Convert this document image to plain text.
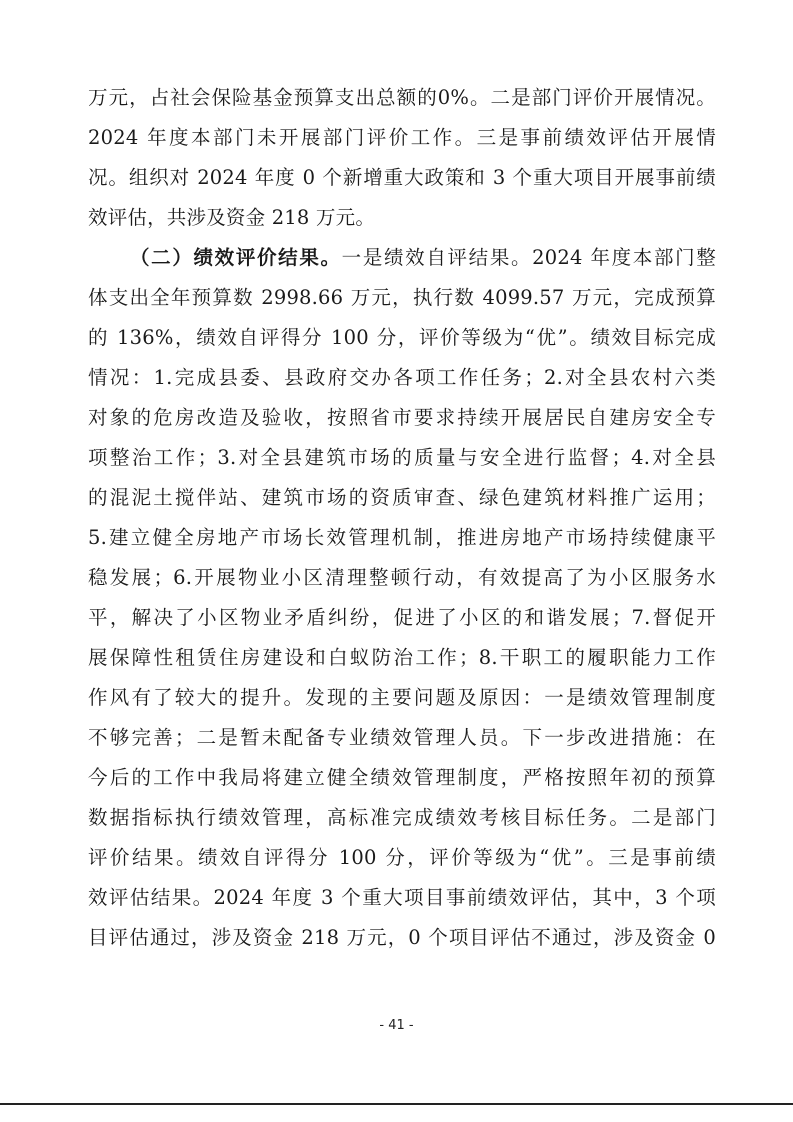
万元，占社会保险基金预算支出总额的0%。二是部门评价开展情况。
2024 年度本部门未开展部门评价工作。三是事前绩效评估开展情
况。组织对 2024 年度 0 个新增重大政策和 3 个重大项目开展事前绩
效评估，共涉及资金 218 万元。
（二）绩效评价结果。一是绩效自评结果。2024 年度本部门整
体支出全年预算数 2998.66 万元，执行数 4099.57 万元，完成预算
的 136%，绩效自评得分 100 分，评价等级为“优”。绩效目标完成
情况：1.完成县委、县政府交办各项工作任务；2.对全县农村六类
对象的危房改造及验收，按照省市要求持续开展居民自建房安全专
项整治工作；3.对全县建筑市场的质量与安全进行监督；4.对全县
的混泥土搅伴站、建筑市场的资质审查、绿色建筑材料推广运用；
5.建立健全房地产市场长效管理机制，推进房地产市场持续健康平
稳发展；6.开展物业小区清理整顿行动，有效提高了为小区服务水
平，解决了小区物业矛盾纠纷，促进了小区的和谐发展；7.督促开
展保障性租赁住房建设和白蚁防治工作；8.干职工的履职能力工作
作风有了较大的提升。发现的主要问题及原因：一是绩效管理制度
不够完善；二是暂未配备专业绩效管理人员。下一步改进措施：在
今后的工作中我局将建立健全绩效管理制度，严格按照年初的预算
数据指标执行绩效管理，高标准完成绩效考核目标任务。二是部门
评价结果。绩效自评得分 100 分，评价等级为“优”。三是事前绩
效评估结果。2024 年度 3 个重大项目事前绩效评估，其中，3 个项
目评估通过，涉及资金 218 万元，0 个项目评估不通过，涉及资金 0
- 41 -
